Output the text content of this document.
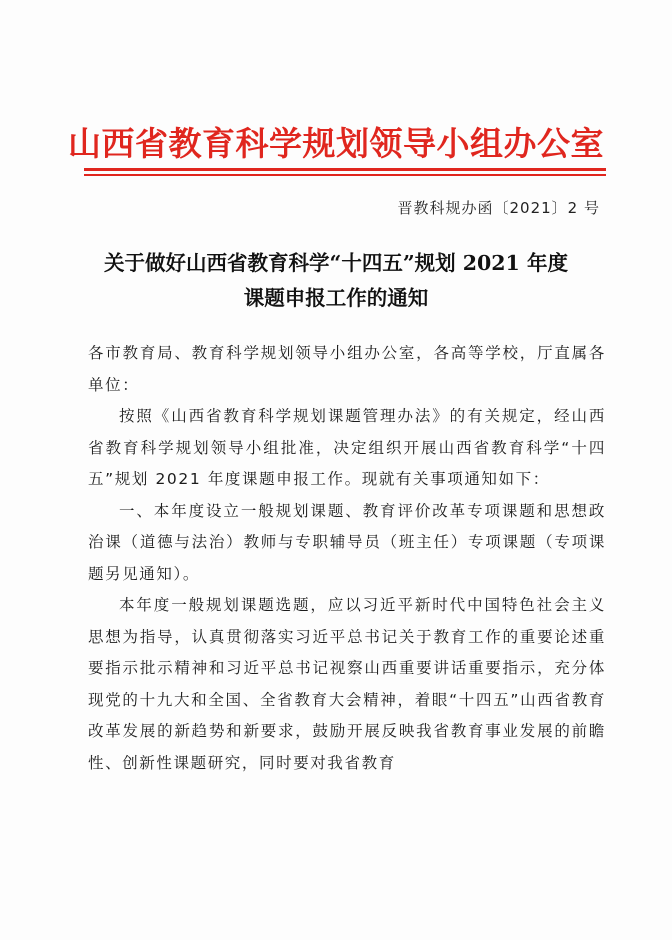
山西省教育科学规划领导小组办公室
晋教科规办函〔2021〕2 号
关于做好山西省教育科学“十四五”规划 2021 年度
课题申报工作的通知

各市教育局、教育科学规划领导小组办公室，各高等学校，厅直属各单位：

按照《山西省教育科学规划课题管理办法》的有关规定，经山西省教育科学规划领导小组批准，决定组织开展山西省教育科学“十四五”规划 2021 年度课题申报工作。现就有关事项通知如下：

一、本年度设立一般规划课题、教育评价改革专项课题和思想政治课（道德与法治）教师与专职辅导员（班主任）专项课题（专项课题另见通知）。

本年度一般规划课题选题，应以习近平新时代中国特色社会主义思想为指导，认真贯彻落实习近平总书记关于教育工作的重要论述重要指示批示精神和习近平总书记视察山西重要讲话重要指示，充分体现党的十九大和全国、全省教育大会精神，着眼“十四五”山西省教育改革发展的新趋势和新要求，鼓励开展反映我省教育事业发展的前瞻性、创新性课题研究，同时要对我省教育
